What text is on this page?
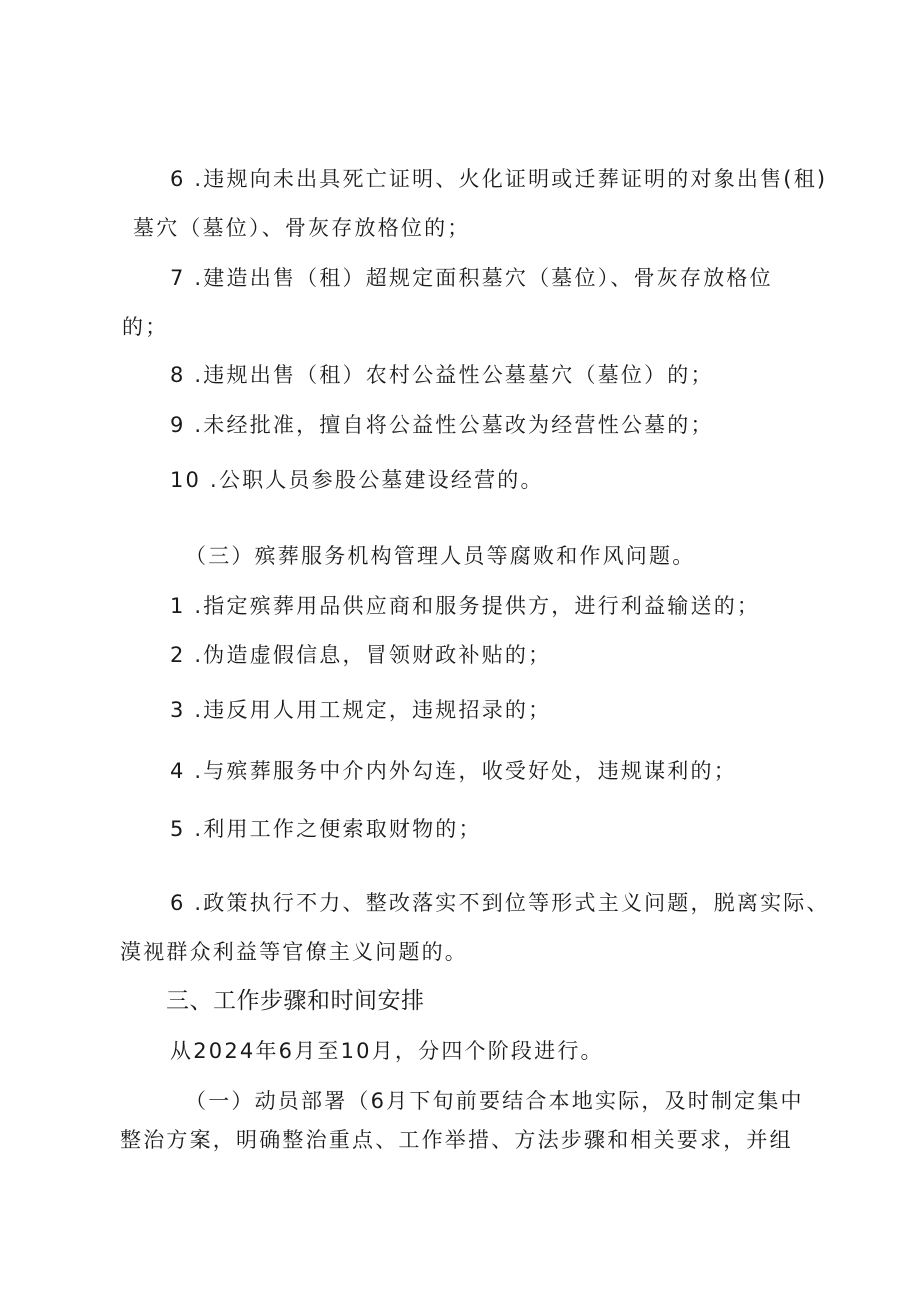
6 .违规向未出具死亡证明、火化证明或迁葬证明的对象出售(租)
墓穴（墓位）、骨灰存放格位的；
7 .建造出售（租）超规定面积墓穴（墓位）、骨灰存放格位
的；
8 .违规出售（租）农村公益性公墓墓穴（墓位）的；
9 .未经批准，擅自将公益性公墓改为经营性公墓的；
10 .公职人员参股公墓建设经营的。
（三）殡葬服务机构管理人员等腐败和作风问题。
1 .指定殡葬用品供应商和服务提供方，进行利益输送的；
2 .伪造虚假信息，冒领财政补贴的；
3 .违反用人用工规定，违规招录的；
4 .与殡葬服务中介内外勾连，收受好处，违规谋利的；
5 .利用工作之便索取财物的；
6 .政策执行不力、整改落实不到位等形式主义问题，脱离实际、
漠视群众利益等官僚主义问题的。
三、工作步骤和时间安排
从2024年6月至10月，分四个阶段进行。
（一）动员部署（6月下旬前要结合本地实际，及时制定集中
整治方案，明确整治重点、工作举措、方法步骤和相关要求，并组
